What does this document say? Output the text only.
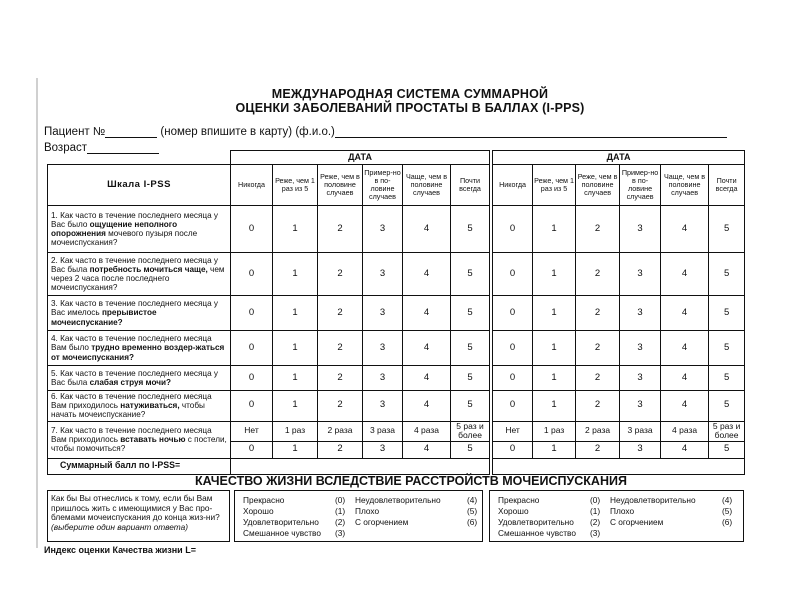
МЕЖДУНАРОДНАЯ СИСТЕМА СУММАРНОЙ
ОЦЕНКИ ЗАБОЛЕВАНИЙ ПРОСТАТЫ В БАЛЛАХ (I-PPS)
Пациент №	(номер впишите в карту) (ф.и.о.)
Возраст
	ДАТА							ДАТА					
Шкала I-PSS	Никогда	Реже, чем 1 раз из 5	Реже, чем в половине случаев	Пример-но в по-ловине случаев	Чаще, чем в половине случаев	Почти всегда		Никогда	Реже, чем 1 раз из 5	Реже, чем в половине случаев	Пример-но в по-ловине случаев	Чаще, чем в половине случаев	Почти всегда
1. Как часто в течение последнего месяца у Вас было ощущение неполного опорожнения мочевого пузыря после мочеиспускания?	0	1	2	3	4	5		0	1	2	3	4	5
2. Как часто в течение последнего месяца у Вас была потребность мочиться чаще, чем через 2 часа после последнего мочеиспускания?	0	1	2	3	4	5		0	1	2	3	4	5
3. Как часто в течение последнего месяца у Вас имелось прерывистое мочеиспускание?	0	1	2	3	4	5		0	1	2	3	4	5
4. Как часто в течение последнего месяца Вам было трудно временно воздер-жаться от мочеиспускания?	0	1	2	3	4	5		0	1	2	3	4	5
5. Как часто в течение последнего месяца у Вас была слабая струя мочи?	0	1	2	3	4	5		0	1	2	3	4	5
6. Как часто в течение последнего месяца Вам приходилось натуживаться, чтобы начать мочеиспускание?	0	1	2	3	4	5		0	1	2	3	4	5
7. Как часто в течение последнего месяца Вам приходилось вставать ночью с постели, чтобы помочиться?	Нет	1 раз	2 раза	3 раза	4 раза	5 раз и более		Нет	1 раз	2 раза	3 раза	4 раза	5 раз и более
	0	1	2	3	4	5		0	1	2	3	4	5
Суммарный балл по I-PSS=													
КАЧЕСТВО ЖИЗНИ ВСЛЕДСТВИЕ РАССТРОЙСТВ МОЧЕИСПУСКАНИЯ
Как бы Вы отнеслись к тому, если бы Вам пришлось жить с имеющимися у Вас про-блемами мочеиспускания до конца жиз-ни? (выберите один вариант ответа)
Прекрасно	(0)
Хорошо	(1)
Удовлетворительно (2)
Смешанное чувство (3)
Неудовлетворительно	(4)
Плохо	(5)
С огорчением	(6)
Прекрасно	(0)
Хорошо	(1)
Удовлетворительно (2)
Смешанное чувство (3)
Неудовлетворительно	(4)
Плохо	(5)
С огорчением	(6)
Индекс оценки Качества жизни L=
